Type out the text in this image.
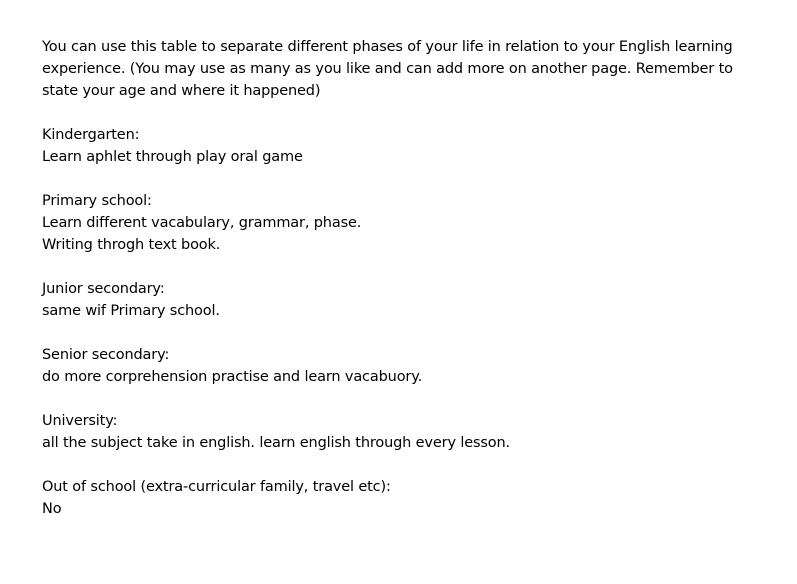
You can use this table to separate different phases of your life in relation to your English learning

experience. (You may use as many as you like and can add more on another page. Remember to

state your age and where it happened)

Kindergarten:

Learn aphlet through play oral game

Primary school:

Learn different vacabulary, grammar, phase.

Writing throgh text book.

Junior secondary:

same wif Primary school.

Senior secondary:

do more corprehension practise and learn vacabuory.

University:

all the subject take in english. learn english through every lesson.

Out of school (extra-curricular family, travel etc):

No
